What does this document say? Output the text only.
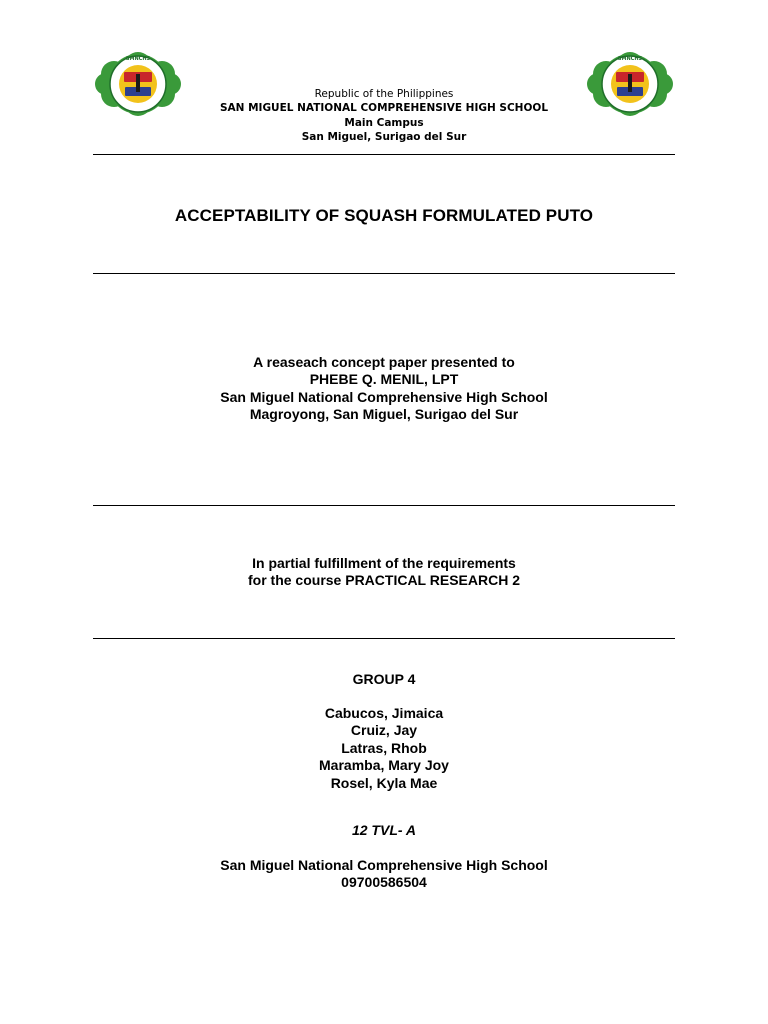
SMNCHS	SMNCHS
Republic of the Philippines
SAN MIGUEL NATIONAL COMPREHENSIVE HIGH SCHOOL
Main Campus
San Miguel, Surigao del Sur
ACCEPTABILITY OF SQUASH FORMULATED PUTO
A reaseach concept paper presented to
PHEBE Q. MENIL, LPT
San Miguel National Comprehensive High School
Magroyong, San Miguel, Surigao del Sur
In partial fulfillment of the requirements
for the course PRACTICAL RESEARCH 2
GROUP 4
Cabucos, Jimaica
Cruiz, Jay
Latras, Rhob
Maramba, Mary Joy
Rosel, Kyla Mae
12 TVL- A
San Miguel National Comprehensive High School
09700586504
